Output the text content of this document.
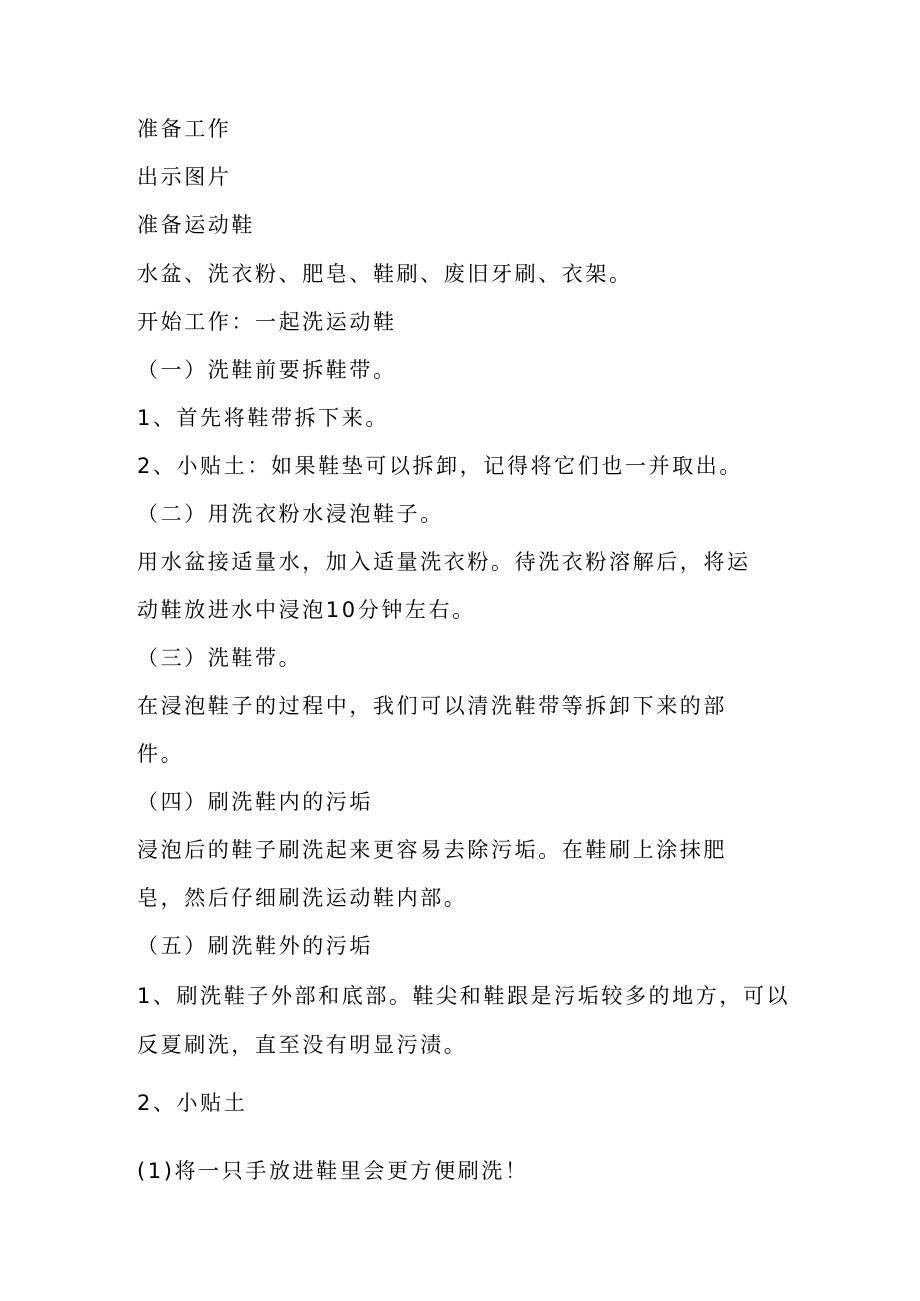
准备工作
出示图片
准备运动鞋
水盆、洗衣粉、肥皂、鞋刷、废旧牙刷、衣架。
开始工作：一起洗运动鞋
（一）洗鞋前要拆鞋带。
1、首先将鞋带拆下来。
2、小贴土：如果鞋垫可以拆卸，记得将它们也一并取出。
（二）用洗衣粉水浸泡鞋子。
用水盆接适量水，加入适量洗衣粉。待洗衣粉溶解后，将运
动鞋放进水中浸泡10分钟左右。
（三）洗鞋带。
在浸泡鞋子的过程中，我们可以清洗鞋带等拆卸下来的部
件。
（四）刷洗鞋内的污垢
浸泡后的鞋子刷洗起来更容易去除污垢。在鞋刷上涂抹肥
皂，然后仔细刷洗运动鞋内部。
（五）刷洗鞋外的污垢
1、刷洗鞋子外部和底部。鞋尖和鞋跟是污垢较多的地方，可以
反夏刷洗，直至没有明显污渍。
2、小贴土
(1)将一只手放进鞋里会更方便刷洗！
